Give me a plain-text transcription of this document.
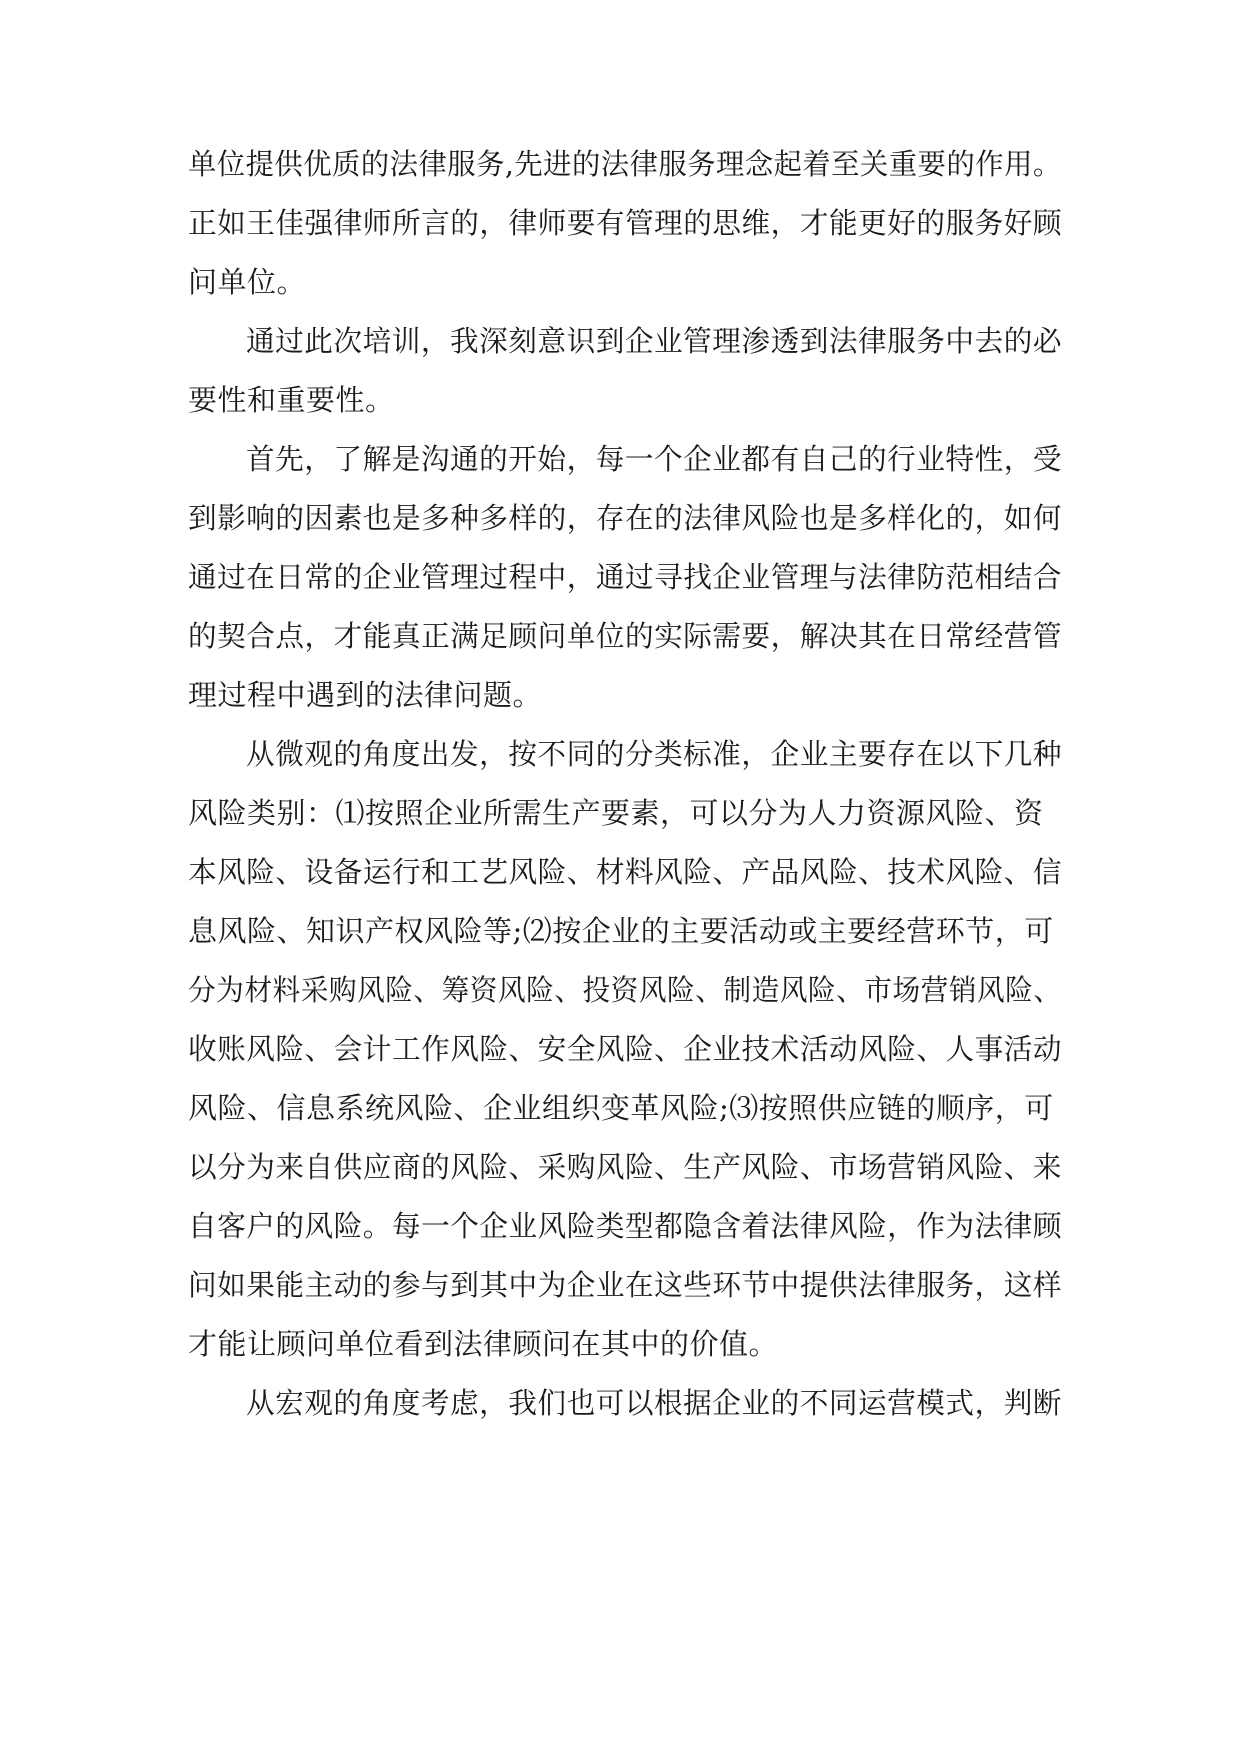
单位提供优质的法律服务,先进的法律服务理念起着至关重要的作用。
正如王佳强律师所言的，律师要有管理的思维，才能更好的服务好顾
问单位。
通过此次培训，我深刻意识到企业管理渗透到法律服务中去的必
要性和重要性。
首先，了解是沟通的开始，每一个企业都有自己的行业特性，受
到影响的因素也是多种多样的，存在的法律风险也是多样化的，如何
通过在日常的企业管理过程中，通过寻找企业管理与法律防范相结合
的契合点，才能真正满足顾问单位的实际需要，解决其在日常经营管
理过程中遇到的法律问题。
从微观的角度出发，按不同的分类标准，企业主要存在以下几种
风险类别：⑴按照企业所需生产要素，可以分为人力资源风险、资
本风险、设备运行和工艺风险、材料风险、产品风险、技术风险、信
息风险、知识产权风险等;⑵按企业的主要活动或主要经营环节，可
分为材料采购风险、筹资风险、投资风险、制造风险、市场营销风险、
收账风险、会计工作风险、安全风险、企业技术活动风险、人事活动
风险、信息系统风险、企业组织变革风险;⑶按照供应链的顺序，可
以分为来自供应商的风险、采购风险、生产风险、市场营销风险、来
自客户的风险。每一个企业风险类型都隐含着法律风险，作为法律顾
问如果能主动的参与到其中为企业在这些环节中提供法律服务，这样
才能让顾问单位看到法律顾问在其中的价值。
从宏观的角度考虑，我们也可以根据企业的不同运营模式，判断
